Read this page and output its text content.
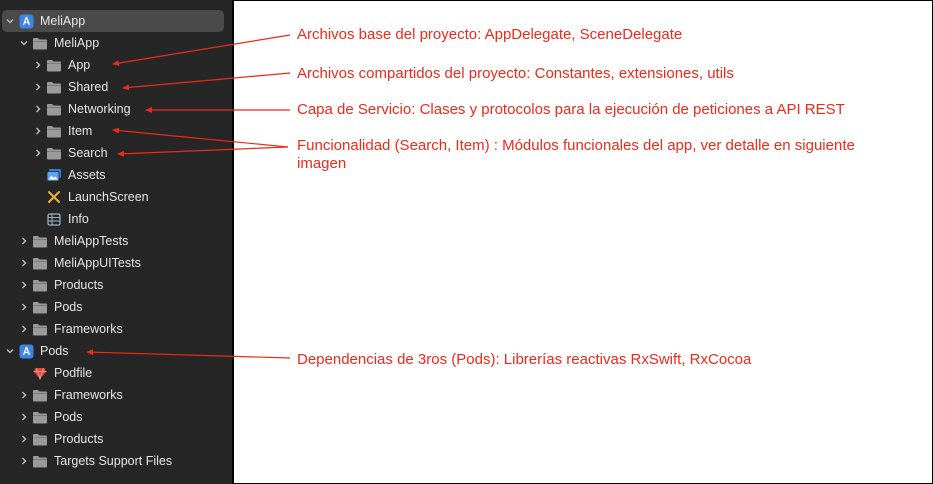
MeliApp
MeliApp
App
Shared
Networking
Item
Search
Assets
LaunchScreen
Info
MeliAppTests
MeliAppUITests
Products
Pods
Frameworks
Pods
Podfile
Frameworks
Pods
Products
Targets Support Files
Archivos base del proyecto: AppDelegate, SceneDelegate
Archivos compartidos del proyecto: Constantes, extensiones, utils
Capa de Servicio: Clases y protocolos para la ejecución de peticiones a API REST
Funcionalidad (Search, Item) : Módulos funcionales del app, ver detalle en siguiente imagen
Dependencias de 3ros (Pods): Librerías reactivas RxSwift, RxCocoa
